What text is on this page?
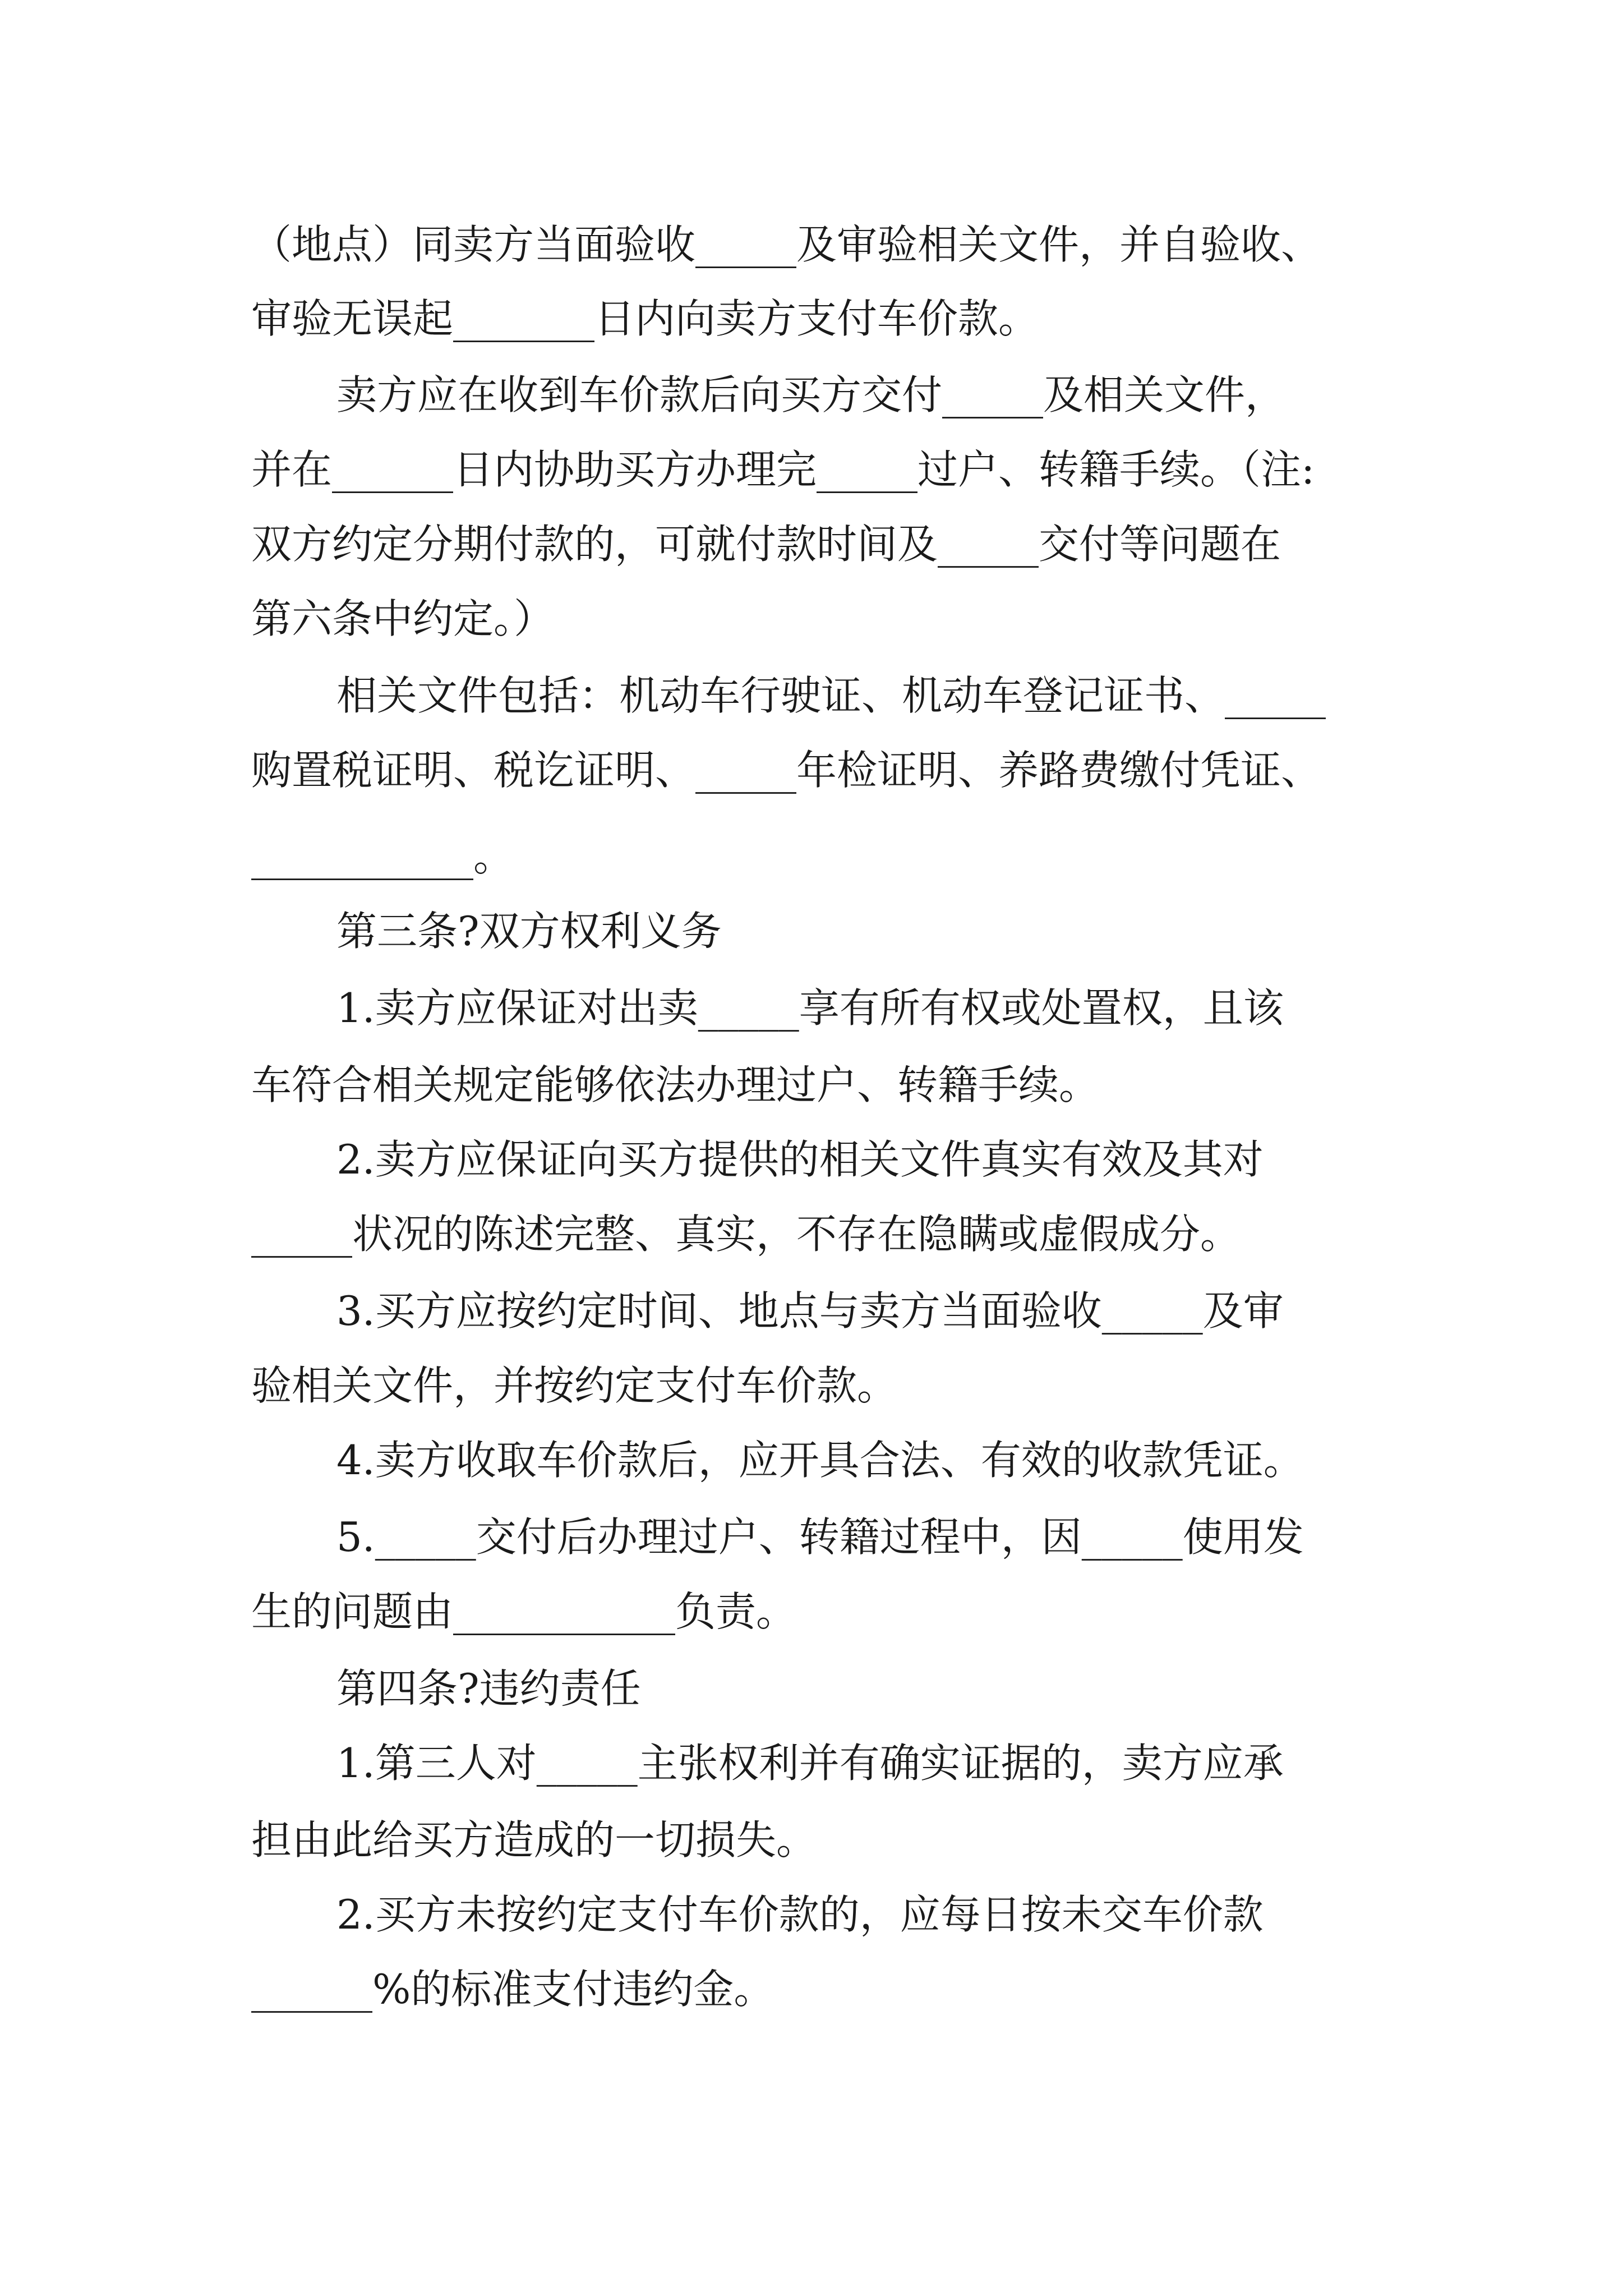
（地点）同卖方当面验收_____及审验相关文件，并自验收、
审验无误起_______日内向卖方支付车价款。
卖方应在收到车价款后向买方交付_____及相关文件，
并在______日内协助买方办理完_____过户、转籍手续。（注:
双方约定分期付款的，可就付款时间及_____交付等问题在
第六条中约定。）
相关文件包括：机动车行驶证、机动车登记证书、_____
购置税证明、税讫证明、_____年检证明、养路费缴付凭证、
___________。
第三条?双方权利义务
1.卖方应保证对出卖_____享有所有权或处置权，且该
车符合相关规定能够依法办理过户、转籍手续。
2.卖方应保证向买方提供的相关文件真实有效及其对
_____状况的陈述完整、真实，不存在隐瞒或虚假成分。
3.买方应按约定时间、地点与卖方当面验收_____及审
验相关文件，并按约定支付车价款。
4.卖方收取车价款后，应开具合法、有效的收款凭证。
5._____交付后办理过户、转籍过程中，因_____使用发
生的问题由___________负责。
第四条?违约责任
1.第三人对_____主张权利并有确实证据的，卖方应承
担由此给买方造成的一切损失。
2.买方未按约定支付车价款的，应每日按未交车价款
______%的标准支付违约金。
